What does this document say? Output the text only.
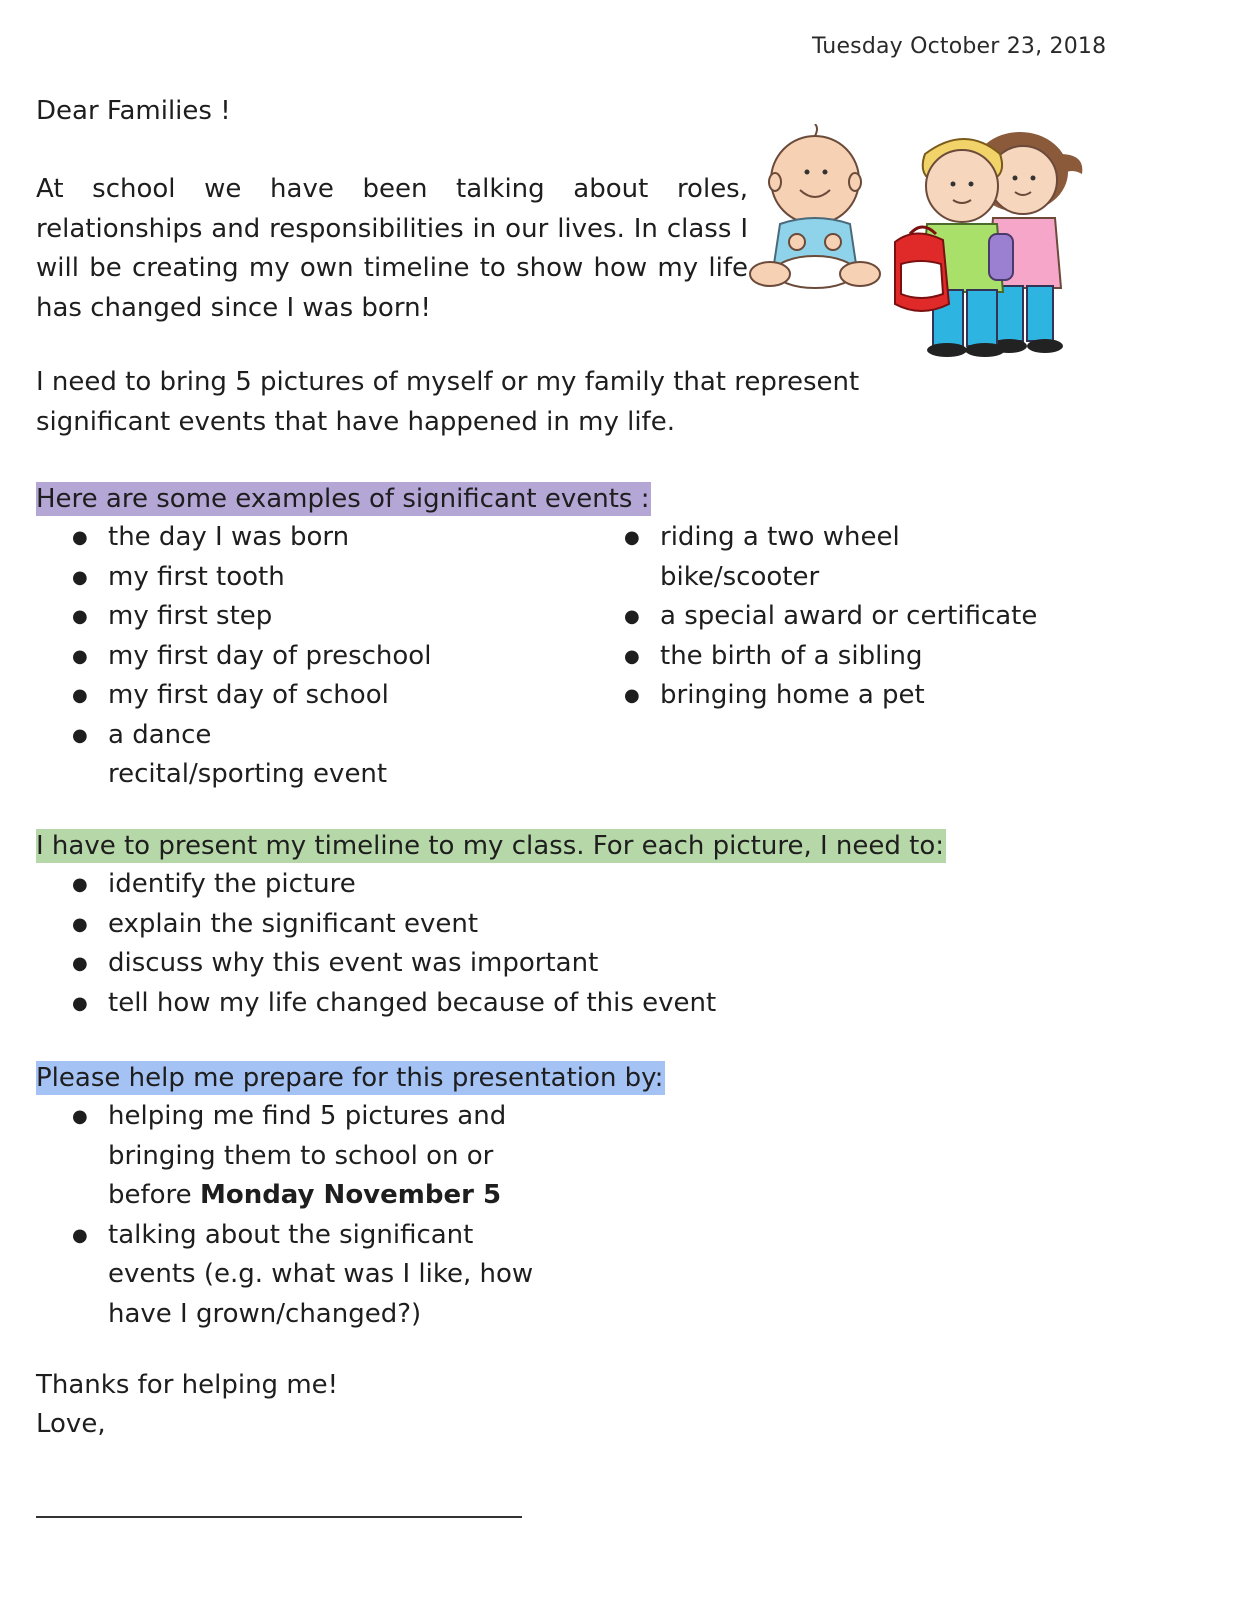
Tuesday October 23, 2018

Dear Families !

At school we have been talking about roles, relationships and responsibilities in our lives. In class I will be creating my own timeline to show how my life has changed since I was born!

I need to bring 5 pictures of myself or my family that represent significant events that have happened in my life.

Here are some examples of significant events :

● the day I was born
● my first tooth
● my first step
● my first day of preschool
● my first day of school
● a dance recital/sporting event
● riding a two wheel bike/scooter
● a special award or certificate
● the birth of a sibling
● bringing home a pet

I have to present my timeline to my class. For each picture, I need to:

● identify the picture
● explain the significant event
● discuss why this event was important
● tell how my life changed because of this event

Please help me prepare for this presentation by:

● helping me find 5 pictures and bringing them to school on or before Monday November 5
● talking about the significant events (e.g. what was I like, how have I grown/changed?)

Thanks for helping me!

Love,
